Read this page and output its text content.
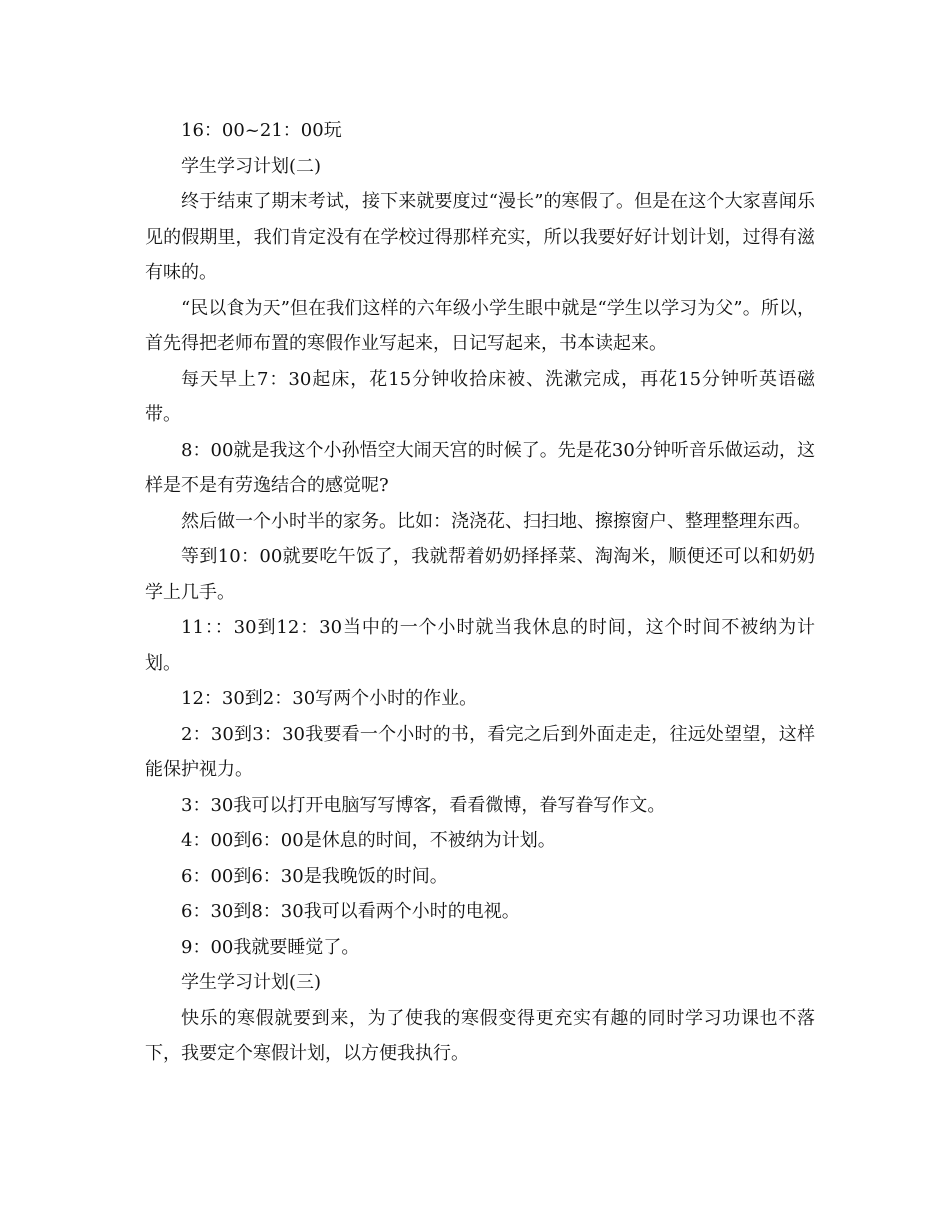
16：00~21：00玩

学生学习计划(二)

终于结束了期末考试，接下来就要度过“漫长”的寒假了。但是在这个大家喜闻乐见的假期里，我们肯定没有在学校过得那样充实，所以我要好好计划计划，过得有滋有味的。

“民以食为天”但在我们这样的六年级小学生眼中就是“学生以学习为父”。所以，首先得把老师布置的寒假作业写起来，日记写起来，书本读起来。

每天早上7：30起床，花15分钟收拾床被、洗漱完成，再花15分钟听英语磁带。

8：00就是我这个小孙悟空大闹天宫的时候了。先是花30分钟听音乐做运动，这样是不是有劳逸结合的感觉呢?

然后做一个小时半的家务。比如：浇浇花、扫扫地、擦擦窗户、整理整理东西。

等到10：00就要吃午饭了，我就帮着奶奶择择菜、淘淘米，顺便还可以和奶奶学上几手。

11：：30到12：30当中的一个小时就当我休息的时间，这个时间不被纳为计划。

12：30到2：30写两个小时的作业。

2：30到3：30我要看一个小时的书，看完之后到外面走走，往远处望望，这样能保护视力。

3：30我可以打开电脑写写博客，看看微博，眷写眷写作文。

4：00到6：00是休息的时间，不被纳为计划。

6：00到6：30是我晚饭的时间。

6：30到8：30我可以看两个小时的电视。

9：00我就要睡觉了。

学生学习计划(三)

快乐的寒假就要到来，为了使我的寒假变得更充实有趣的同时学习功课也不落下，我要定个寒假计划，以方便我执行。
